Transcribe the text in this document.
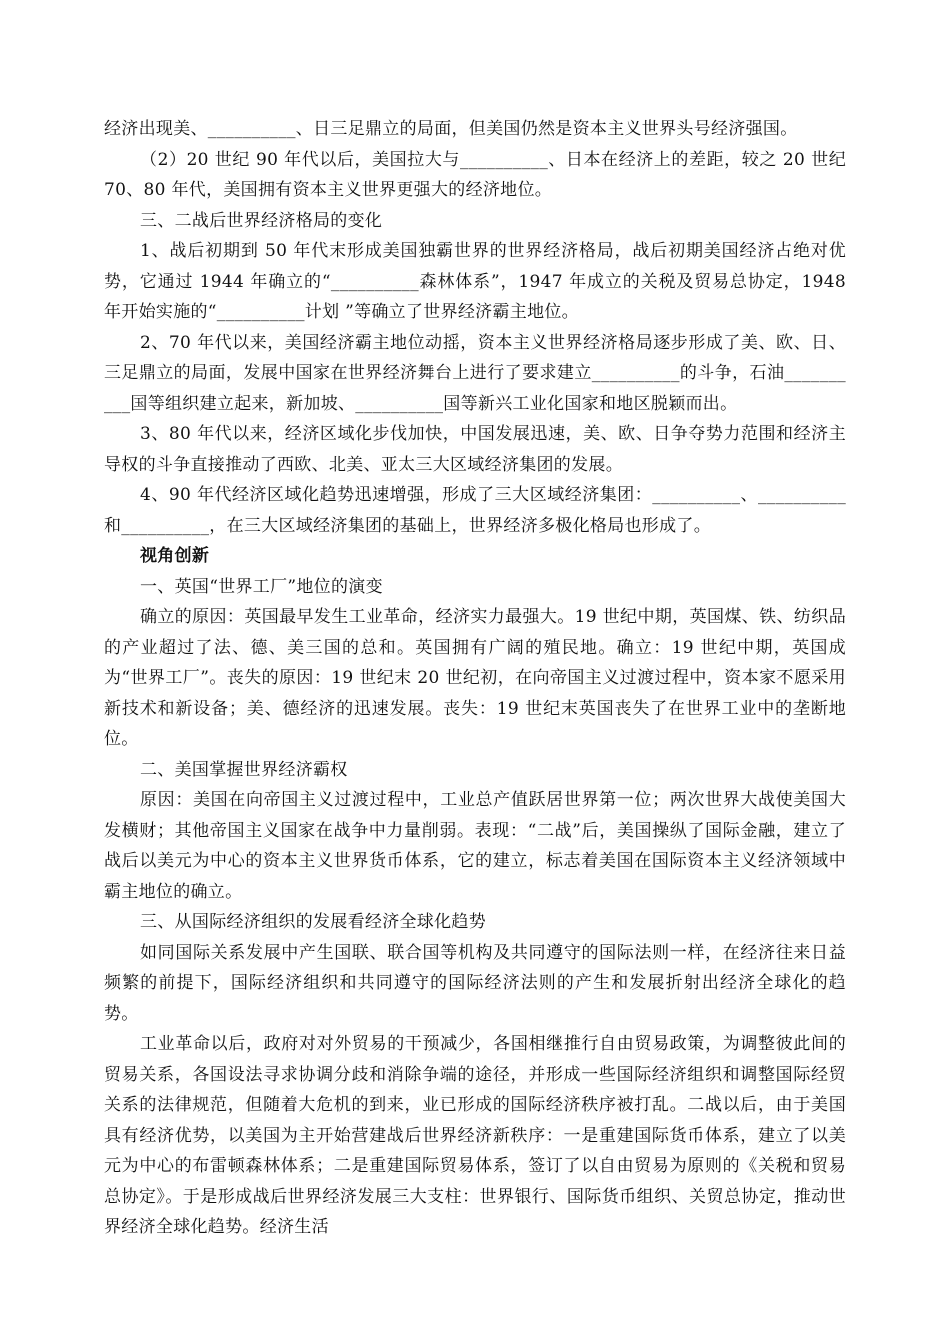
经济出现美、__________、日三足鼎立的局面，但美国仍然是资本主义世界头号经济强国。

（2）20 世纪 90 年代以后，美国拉大与__________、日本在经济上的差距，较之 20 世纪 70、80 年代，美国拥有资本主义世界更强大的经济地位。

三、二战后世界经济格局的变化

1、战后初期到 50 年代末形成美国独霸世界的世界经济格局，战后初期美国经济占绝对优势，它通过 1944 年确立的“__________森林体系”，1947 年成立的关税及贸易总协定，1948 年开始实施的“__________计划 ”等确立了世界经济霸主地位。

2、70 年代以来，美国经济霸主地位动摇，资本主义世界经济格局逐步形成了美、欧、日、三足鼎立的局面，发展中国家在世界经济舞台上进行了要求建立__________的斗争，石油__________国等组织建立起来，新加坡、__________国等新兴工业化国家和地区脱颖而出。

3、80 年代以来，经济区域化步伐加快，中国发展迅速，美、欧、日争夺势力范围和经济主导权的斗争直接推动了西欧、北美、亚太三大区域经济集团的发展。

4、90 年代经济区域化趋势迅速增强，形成了三大区域经济集团：__________、__________和__________，在三大区域经济集团的基础上，世界经济多极化格局也形成了。

视角创新

一、英国“世界工厂”地位的演变

确立的原因：英国最早发生工业革命，经济实力最强大。19 世纪中期，英国煤、铁、纺织品的产业超过了法、德、美三国的总和。英国拥有广阔的殖民地。确立：19 世纪中期，英国成为“世界工厂”。丧失的原因：19 世纪末 20 世纪初，在向帝国主义过渡过程中，资本家不愿采用新技术和新设备；美、德经济的迅速发展。丧失：19 世纪末英国丧失了在世界工业中的垄断地位。

二、美国掌握世界经济霸权

原因：美国在向帝国主义过渡过程中，工业总产值跃居世界第一位；两次世界大战使美国大发横财；其他帝国主义国家在战争中力量削弱。表现：“二战”后，美国操纵了国际金融，建立了战后以美元为中心的资本主义世界货币体系，它的建立，标志着美国在国际资本主义经济领域中霸主地位的确立。

三、从国际经济组织的发展看经济全球化趋势

如同国际关系发展中产生国联、联合国等机构及共同遵守的国际法则一样，在经济往来日益频繁的前提下，国际经济组织和共同遵守的国际经济法则的产生和发展折射出经济全球化的趋势。

工业革命以后，政府对对外贸易的干预减少，各国相继推行自由贸易政策，为调整彼此间的贸易关系，各国设法寻求协调分歧和消除争端的途径，并形成一些国际经济组织和调整国际经贸关系的法律规范，但随着大危机的到来，业已形成的国际经济秩序被打乱。二战以后，由于美国具有经济优势，以美国为主开始营建战后世界经济新秩序：一是重建国际货币体系，建立了以美元为中心的布雷顿森林体系；二是重建国际贸易体系，签订了以自由贸易为原则的《关税和贸易总协定》。于是形成战后世界经济发展三大支柱：世界银行、国际货币组织、关贸总协定，推动世界经济全球化趋势。经济生活
